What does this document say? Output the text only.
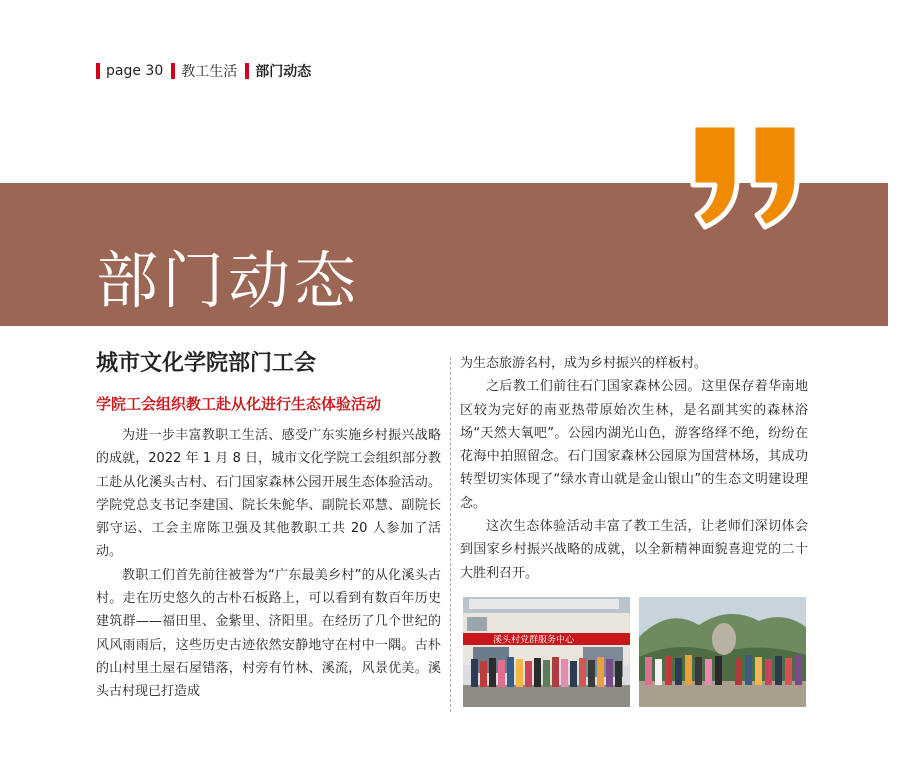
page 30 教工生活 部门动态
部门动态
城市文化学院部门工会
学院工会组织教工赴从化进行生态体验活动

为进一步丰富教职工生活、感受广东实施乡村振兴战略的成就，2022 年 1 月 8 日，城市文化学院工会组织部分教工赴从化溪头古村、石门国家森林公园开展生态体验活动。学院党总支书记李建国、院长朱鮀华、副院长邓慧、副院长郭守运、工会主席陈卫强及其他教职工共 20 人参加了活动。

教职工们首先前往被誉为“广东最美乡村”的从化溪头古村。走在历史悠久的古朴石板路上，可以看到有数百年历史建筑群——福田里、金紫里、济阳里。在经历了几个世纪的风风雨雨后，这些历史古迹依然安静地守在村中一隅。古朴的山村里土屋石屋错落，村旁有竹林、溪流，风景优美。溪头古村现已打造成

为生态旅游名村，成为乡村振兴的样板村。

之后教工们前往石门国家森林公园。这里保存着华南地区较为完好的南亚热带原始次生林，是名副其实的森林浴场“天然大氧吧”。公园内湖光山色，游客络绎不绝，纷纷在花海中拍照留念。石门国家森林公园原为国营林场，其成功转型切实体现了“绿水青山就是金山银山”的生态文明建设理念。

这次生态体验活动丰富了教工生活，让老师们深切体会到国家乡村振兴战略的成就，以全新精神面貌喜迎党的二十大胜利召开。

溪头村党群服务中心
